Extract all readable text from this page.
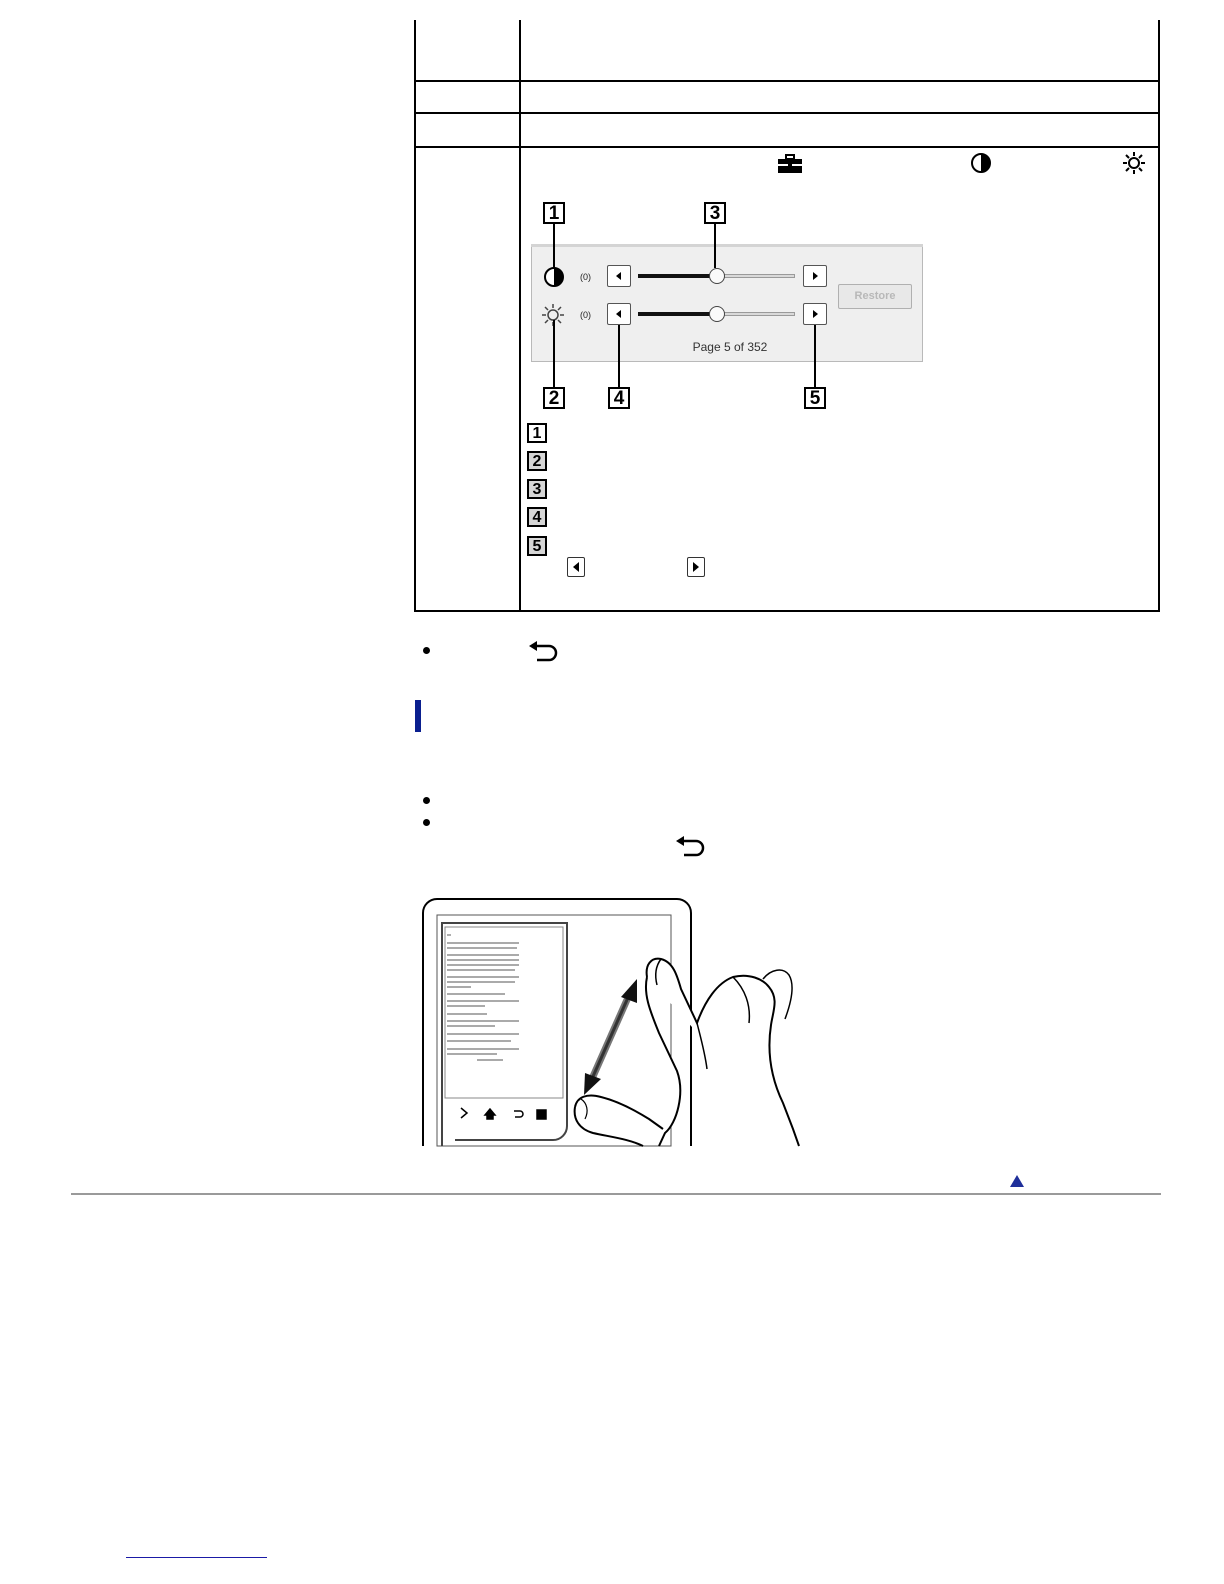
(0)
(0)
Restore
Page 5 of 352
1	3
2	4	5
1
2
3
4
5
